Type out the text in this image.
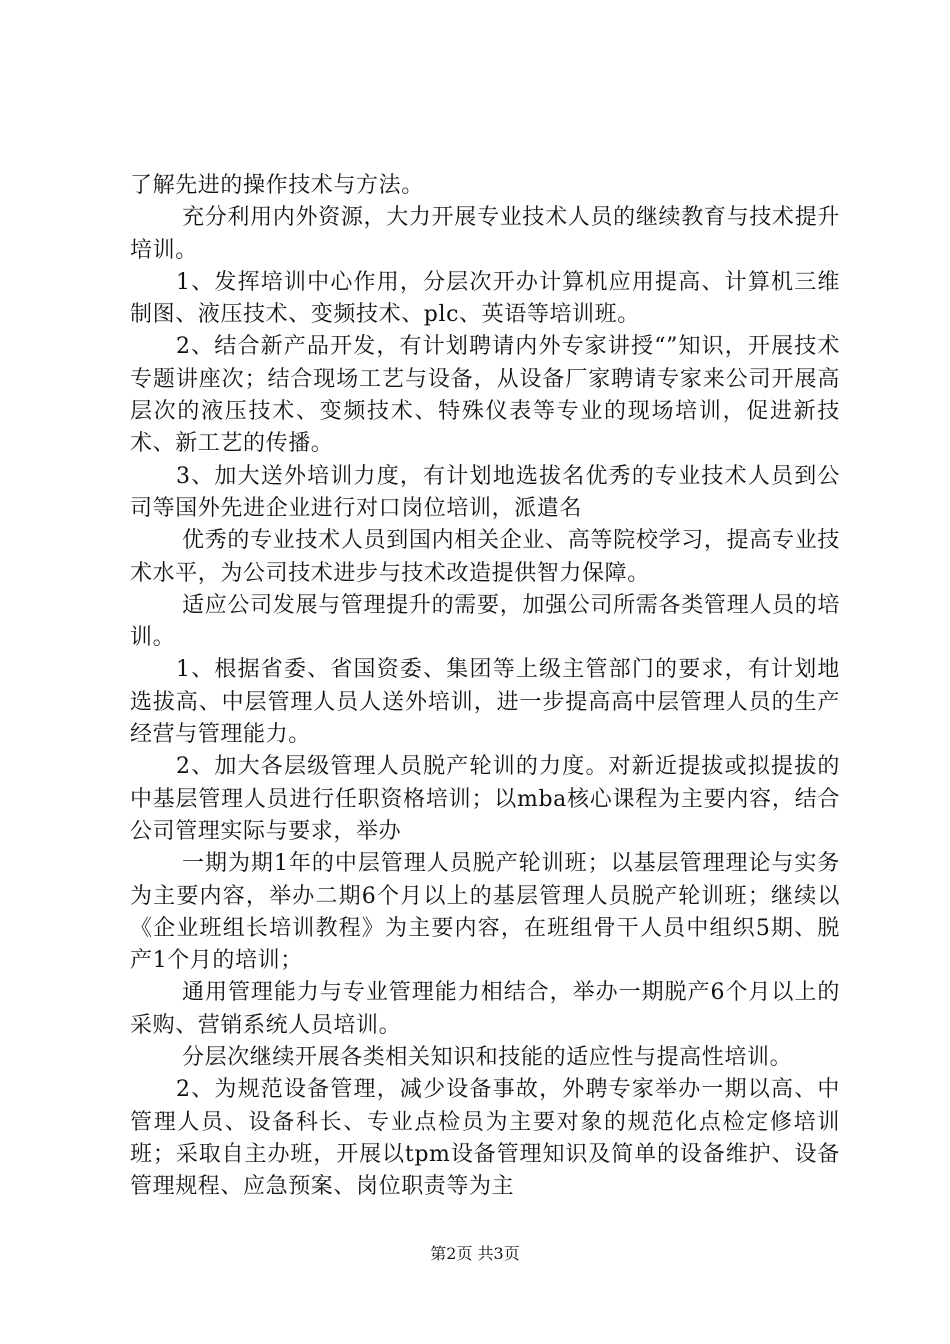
了解先进的操作技术与方法。

充分利用内外资源，大力开展专业技术人员的继续教育与技术提升培训。

1、发挥培训中心作用，分层次开办计算机应用提高、计算机三维制图、液压技术、变频技术、plc、英语等培训班。

2、结合新产品开发，有计划聘请内外专家讲授“”知识，开展技术专题讲座次；结合现场工艺与设备，从设备厂家聘请专家来公司开展高层次的液压技术、变频技术、特殊仪表等专业的现场培训，促进新技术、新工艺的传播。

3、加大送外培训力度，有计划地选拔名优秀的专业技术人员到公司等国外先进企业进行对口岗位培训，派遣名

优秀的专业技术人员到国内相关企业、高等院校学习，提高专业技术水平，为公司技术进步与技术改造提供智力保障。

适应公司发展与管理提升的需要，加强公司所需各类管理人员的培训。

1、根据省委、省国资委、集团等上级主管部门的要求，有计划地选拔高、中层管理人员人送外培训，进一步提高高中层管理人员的生产经营与管理能力。

2、加大各层级管理人员脱产轮训的力度。对新近提拔或拟提拔的中基层管理人员进行任职资格培训；以mba核心课程为主要内容，结合公司管理实际与要求，举办

一期为期1年的中层管理人员脱产轮训班；以基层管理理论与实务为主要内容，举办二期6个月以上的基层管理人员脱产轮训班；继续以《企业班组长培训教程》为主要内容，在班组骨干人员中组织5期、脱产1个月的培训；

通用管理能力与专业管理能力相结合，举办一期脱产6个月以上的采购、营销系统人员培训。

分层次继续开展各类相关知识和技能的适应性与提高性培训。

2、为规范设备管理，减少设备事故，外聘专家举办一期以高、中管理人员、设备科长、专业点检员为主要对象的规范化点检定修培训班；采取自主办班，开展以tpm设备管理知识及简单的设备维护、设备管理规程、应急预案、岗位职责等为主

第2页 共3页
